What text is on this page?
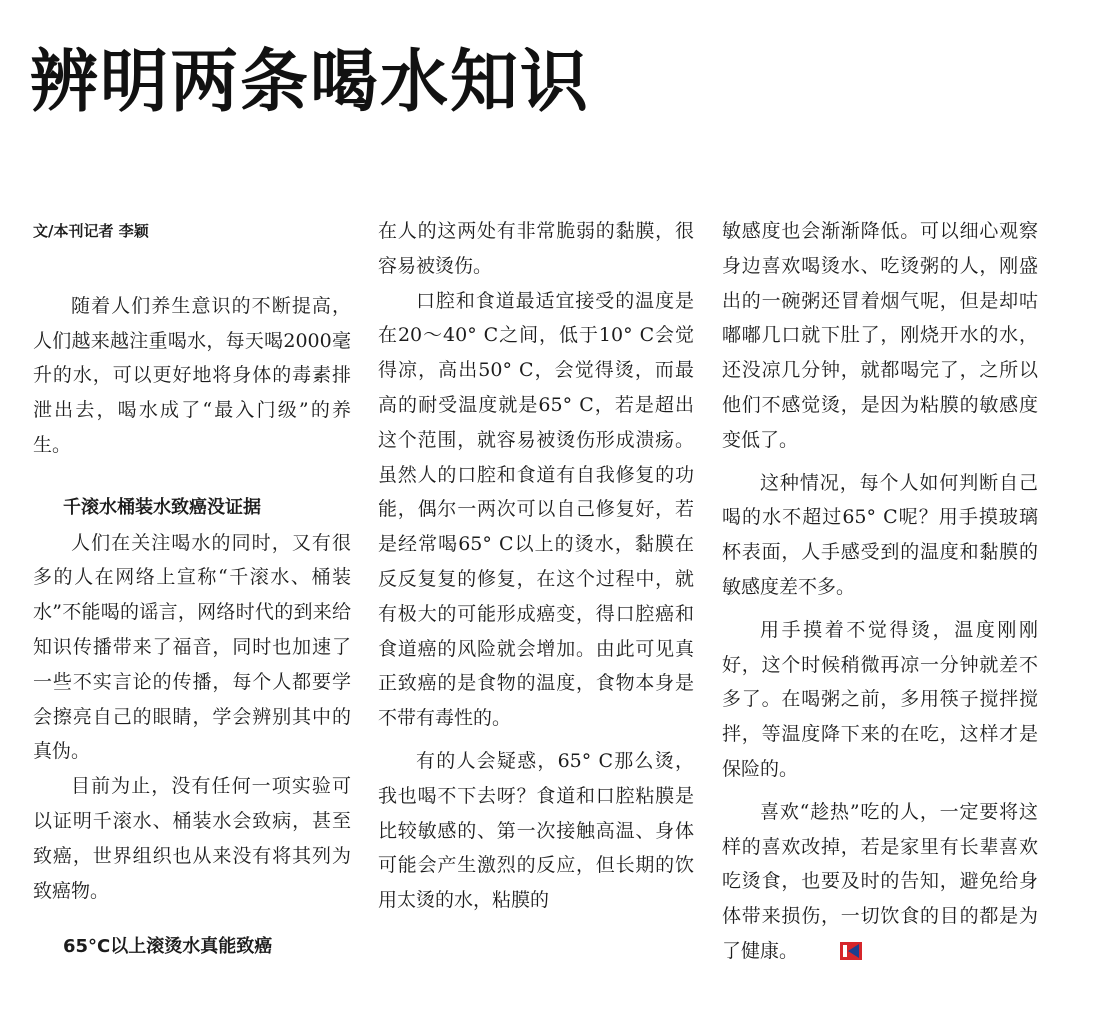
辨明两条喝水知识

文/本刊记者 李颖

随着人们养生意识的不断提高，人们越来越注重喝水，每天喝2000毫升的水，可以更好地将身体的毒素排泄出去，喝水成了“最入门级”的养生。

千滚水桶装水致癌没证据

人们在关注喝水的同时，又有很多的人在网络上宣称“千滚水、桶装水”不能喝的谣言，网络时代的到来给知识传播带来了福音，同时也加速了一些不实言论的传播，每个人都要学会擦亮自己的眼睛，学会辨别其中的真伪。

目前为止，没有任何一项实验可以证明千滚水、桶装水会致病，甚至致癌，世界组织也从来没有将其列为致癌物。

65°C以上滚烫水真能致癌

在人的这两处有非常脆弱的黏膜，很容易被烫伤。

口腔和食道最适宜接受的温度是在20～40° C之间，低于10° C会觉得凉，高出50° C，会觉得烫，而最高的耐受温度就是65° C，若是超出这个范围，就容易被烫伤形成溃疡。虽然人的口腔和食道有自我修复的功能，偶尔一两次可以自己修复好，若是经常喝65° C以上的烫水，黏膜在反反复复的修复，在这个过程中，就有极大的可能形成癌变，得口腔癌和食道癌的风险就会增加。由此可见真正致癌的是食物的温度，食物本身是不带有毒性的。

有的人会疑惑，65° C那么烫，我也喝不下去呀？食道和口腔粘膜是比较敏感的、第一次接触高温、身体可能会产生激烈的反应，但长期的饮用太烫的水，粘膜的

敏感度也会渐渐降低。可以细心观察身边喜欢喝烫水、吃烫粥的人，刚盛出的一碗粥还冒着烟气呢，但是却咕嘟嘟几口就下肚了，刚烧开水的水，还没凉几分钟，就都喝完了，之所以他们不感觉烫，是因为粘膜的敏感度变低了。

这种情况，每个人如何判断自己喝的水不超过65° C呢？用手摸玻璃杯表面，人手感受到的温度和黏膜的敏感度差不多。

用手摸着不觉得烫，温度刚刚好，这个时候稍微再凉一分钟就差不多了。在喝粥之前，多用筷子搅拌搅拌，等温度降下来的在吃，这样才是保险的。

喜欢“趁热”吃的人，一定要将这样的喜欢改掉，若是家里有长辈喜欢吃烫食，也要及时的告知，避免给身体带来损伤，一切饮食的目的都是为了健康。
